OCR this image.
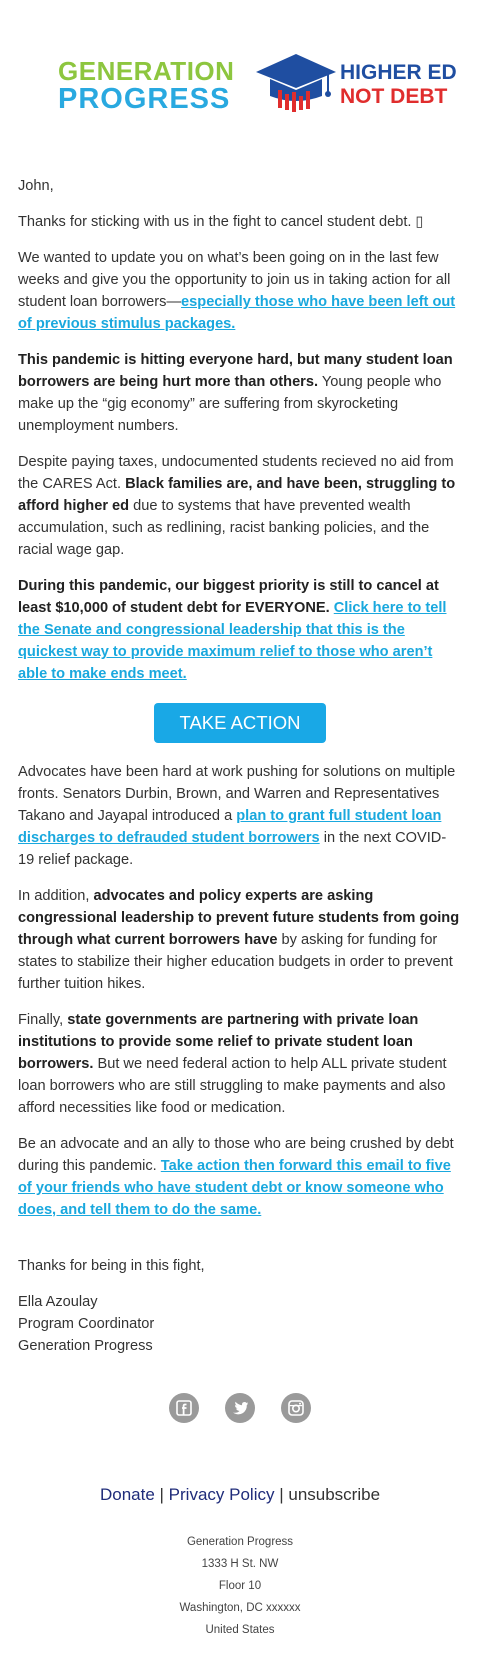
GENERATION
PROGRESS
HIGHER ED
NOT DEBT

John,

Thanks for sticking with us in the fight to cancel student debt. ▯

We wanted to update you on what’s been going on in the last few weeks and give you the opportunity to join us in taking action for all student loan borrowers—especially those who have been left out of previous stimulus packages.

This pandemic is hitting everyone hard, but many student loan borrowers are being hurt more than others. Young people who make up the “gig economy” are suffering from skyrocketing unemployment numbers.

Despite paying taxes, undocumented students recieved no aid from the CARES Act. Black families are, and have been, struggling to afford higher ed due to systems that have prevented wealth accumulation, such as redlining, racist banking policies, and the racial wage gap.

During this pandemic, our biggest priority is still to cancel at least $10,000 of student debt for EVERYONE. Click here to tell the Senate and congressional leadership that this is the quickest way to provide maximum relief to those who aren’t able to make ends meet.

TAKE ACTION

Advocates have been hard at work pushing for solutions on multiple fronts. Senators Durbin, Brown, and Warren and Representatives Takano and Jayapal introduced a plan to grant full student loan discharges to defrauded student borrowers in the next COVID-19 relief package.

In addition, advocates and policy experts are asking congressional leadership to prevent future students from going through what current borrowers have by asking for funding for states to stabilize their higher education budgets in order to prevent further tuition hikes.

Finally, state governments are partnering with private loan institutions to provide some relief to private student loan borrowers. But we need federal action to help ALL private student loan borrowers who are still struggling to make payments and also afford necessities like food or medication.

Be an advocate and an ally to those who are being crushed by debt during this pandemic. Take action then forward this email to five of your friends who have student debt or know someone who does, and tell them to do the same.

Thanks for being in this fight,

Ella Azoulay
Program Coordinator
Generation Progress

Donate | Privacy Policy | unsubscribe
Generation Progress
1333 H St. NW
Floor 10
Washington, DC xxxxxx
United States
